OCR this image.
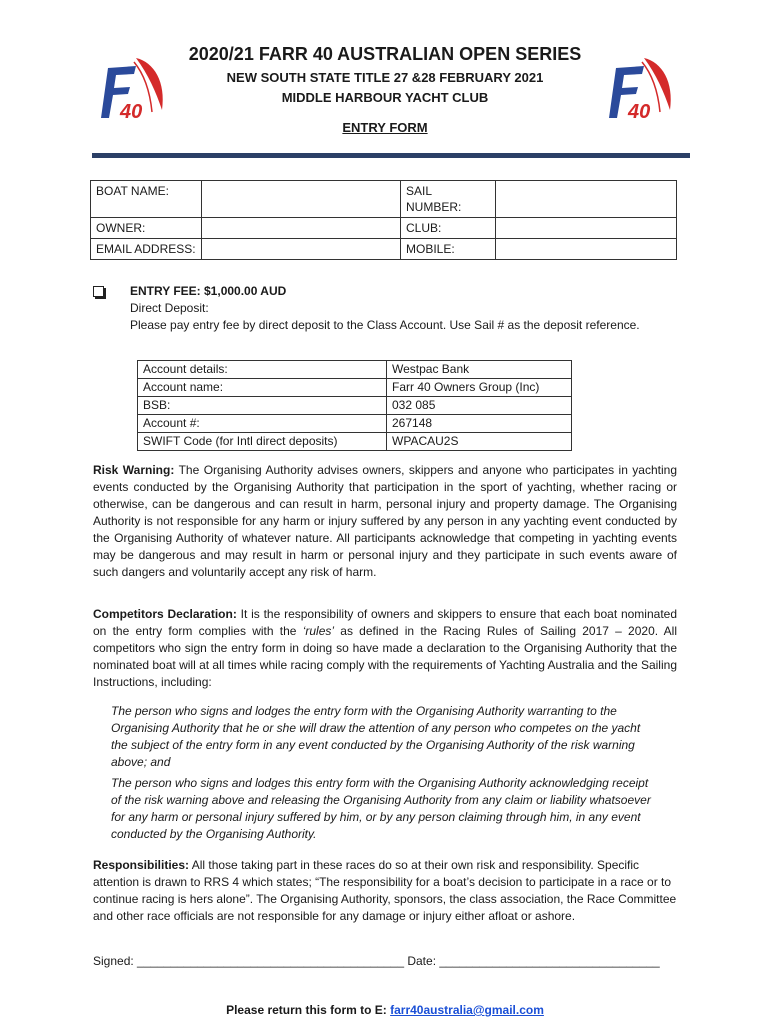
40	40
2020/21 FARR 40 AUSTRALIAN OPEN SERIES
NEW SOUTH STATE TITLE 27 &28 FEBRUARY 2021
MIDDLE HARBOUR YACHT CLUB
ENTRY FORM
BOAT NAME:		SAIL NUMBER:	
OWNER:		CLUB:	
EMAIL ADDRESS:		MOBILE:	
ENTRY FEE: $1,000.00 AUD
Direct Deposit:
Please pay entry fee by direct deposit to the Class Account. Use Sail # as the deposit reference.
Account details:	Westpac Bank
Account name:	Farr 40 Owners Group (Inc)
BSB:	032 085
Account #:	267148
SWIFT Code (for Intl direct deposits)	WPACAU2S
Risk Warning: The Organising Authority advises owners, skippers and anyone who participates in yachting events conducted by the Organising Authority that participation in the sport of yachting, whether racing or otherwise, can be dangerous and can result in harm, personal injury and property damage. The Organising Authority is not responsible for any harm or injury suffered by any person in any yachting event conducted by the Organising Authority of whatever nature. All participants acknowledge that competing in yachting events may be dangerous and may result in harm or personal injury and they participate in such events aware of such dangers and voluntarily accept any risk of harm.
Competitors Declaration: It is the responsibility of owners and skippers to ensure that each boat nominated on the entry form complies with the ‘rules’ as defined in the Racing Rules of Sailing 2017 – 2020. All competitors who sign the entry form in doing so have made a declaration to the Organising Authority that the nominated boat will at all times while racing comply with the requirements of Yachting Australia and the Sailing Instructions, including:
The person who signs and lodges the entry form with the Organising Authority warranting to the Organising Authority that he or she will draw the attention of any person who competes on the yacht the subject of the entry form in any event conducted by the Organising Authority of the risk warning above; and
The person who signs and lodges this entry form with the Organising Authority acknowledging receipt of the risk warning above and releasing the Organising Authority from any claim or liability whatsoever for any harm or personal injury suffered by him, or by any person claiming through him, in any event conducted by the Organising Authority.
Responsibilities: All those taking part in these races do so at their own risk and responsibility. Specific attention is drawn to RRS 4 which states; “The responsibility for a boat’s decision to participate in a race or to continue racing is hers alone”. The Organising Authority, sponsors, the class association, the Race Committee and other race officials are not responsible for any damage or injury either afloat or ashore.
Signed: ________________________________________ Date: _________________________________
Please return this form to E: farr40australia@gmail.com
